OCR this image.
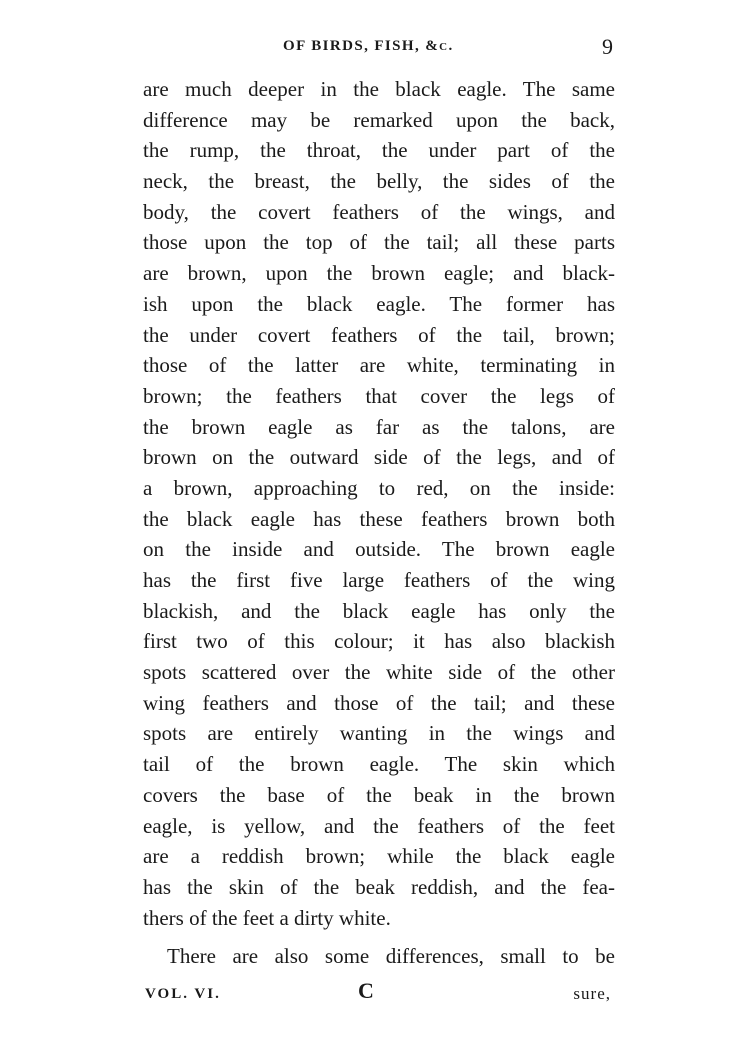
OF BIRDS, FISH, &c.	9
are much deeper in the black eagle. The same
difference may be remarked upon the back,
the rump, the throat, the under part of the
neck, the breast, the belly, the sides of the
body, the covert feathers of the wings, and
those upon the top of the tail; all these parts
are brown, upon the brown eagle; and black-
ish upon the black eagle. The former has
the under covert feathers of the tail, brown;
those of the latter are white, terminating in
brown; the feathers that cover the legs of
the brown eagle as far as the talons, are
brown on the outward side of the legs, and of
a brown, approaching to red, on the inside:
the black eagle has these feathers brown both
on the inside and outside. The brown eagle
has the first five large feathers of the wing
blackish, and the black eagle has only the
first two of this colour; it has also blackish
spots scattered over the white side of the other
wing feathers and those of the tail; and these
spots are entirely wanting in the wings and
tail of the brown eagle. The skin which
covers the base of the beak in the brown
eagle, is yellow, and the feathers of the feet
are a reddish brown; while the black eagle
has the skin of the beak reddish, and the fea-
thers of the feet a dirty white.
There are also some differences, small to be
VOL. VI.	C	sure,
